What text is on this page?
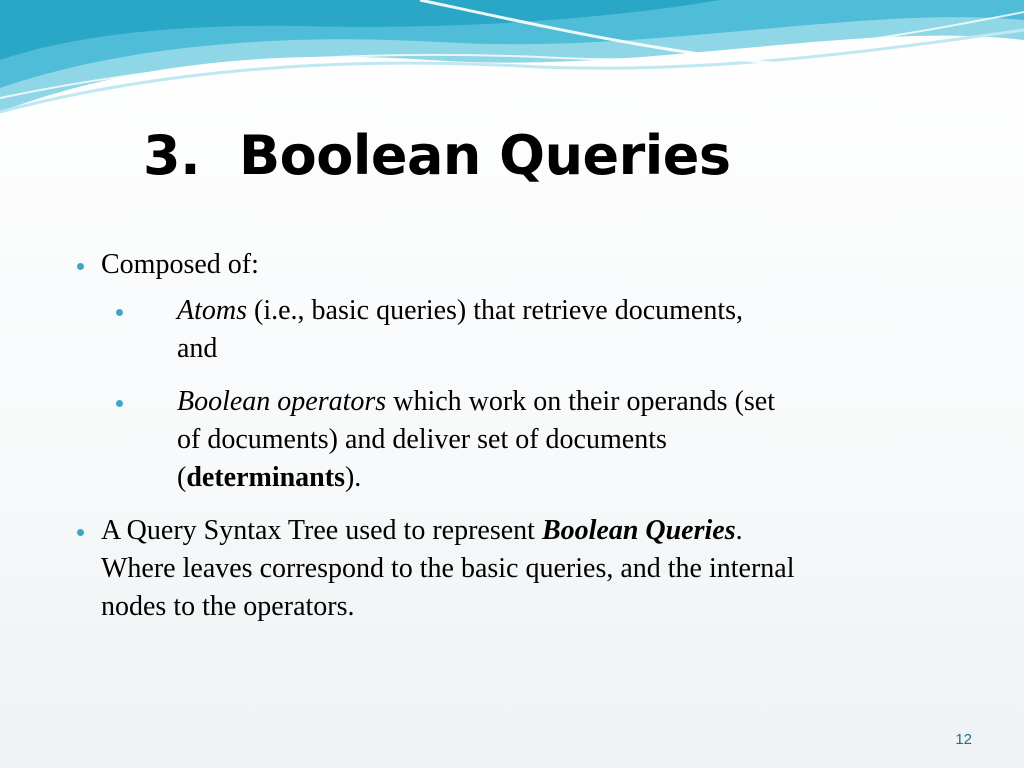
3. Boolean Queries
Composed of:
Atoms (i.e., basic queries) that retrieve documents,
and
Boolean operators which work on their operands (set
of documents) and deliver set of documents
(determinants).
A Query Syntax Tree used to represent Boolean Queries.
Where leaves correspond to the basic queries, and the internal
nodes to the operators.
12
